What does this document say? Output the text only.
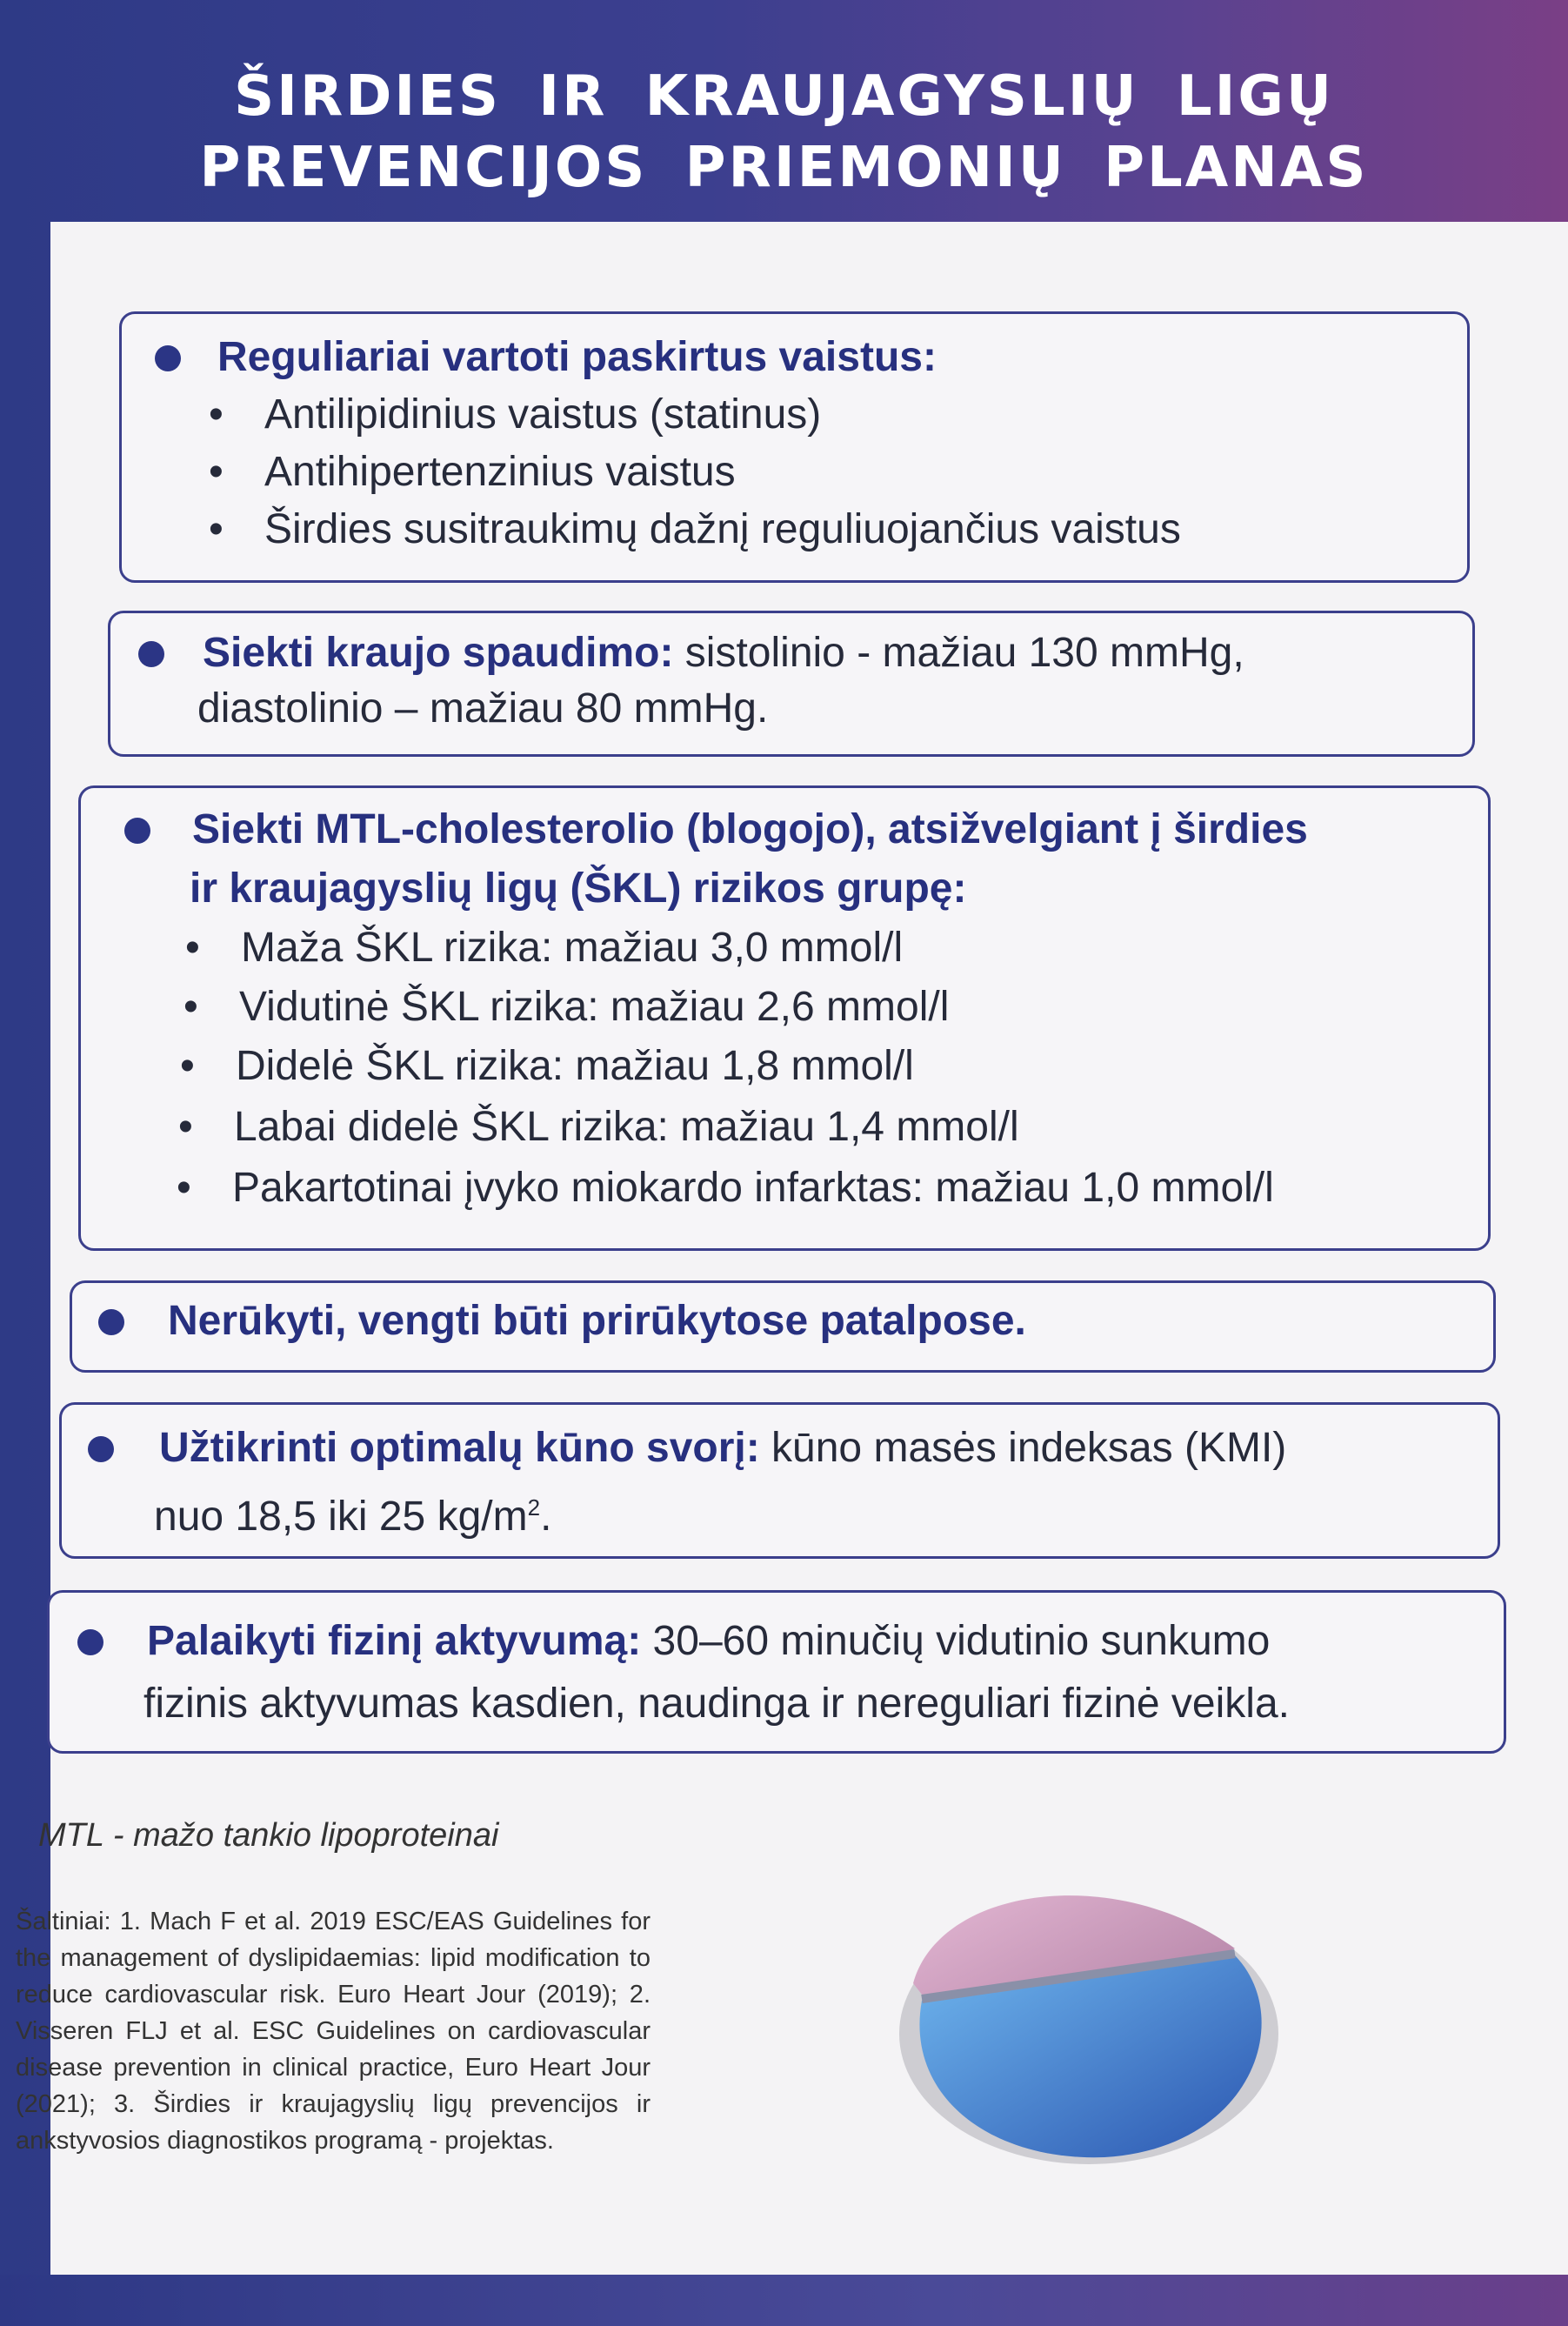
ŠIRDIES IR KRAUJAGYSLIŲ LIGŲ
PREVENCIJOS PRIEMONIŲ PLANAS
Reguliariai vartoti paskirtus vaistus:
• Antilipidinius vaistus (statinus)
• Antihipertenzinius vaistus
• Širdies susitraukimų dažnį reguliuojančius vaistus
Siekti kraujo spaudimo: sistolinio - mažiau 130 mmHg,
diastolinio – mažiau 80 mmHg.
Siekti MTL-cholesterolio (blogojo), atsižvelgiant į širdies
ir kraujagyslių ligų (ŠKL) rizikos grupę:
• Maža ŠKL rizika: mažiau 3,0 mmol/l
• Vidutinė ŠKL rizika: mažiau 2,6 mmol/l
• Didelė ŠKL rizika: mažiau 1,8 mmol/l
• Labai didelė ŠKL rizika: mažiau 1,4 mmol/l
• Pakartotinai įvyko miokardo infarktas: mažiau 1,0 mmol/l
Nerūkyti, vengti būti prirūkytose patalpose.
Užtikrinti optimalų kūno svorį: kūno masės indeksas (KMI)
nuo 18,5 iki 25 $kg/m^2$.
Palaikyti fizinį aktyvumą: 30–60 minučių vidutinio sunkumo
fizinis aktyvumas kasdien, naudinga ir nereguliari fizinė veikla.
MTL - mažo tankio lipoproteinai
Šaltiniai: 1. Mach F et al. 2019 ESC/EAS Guidelines for the management of dyslipidaemias: lipid modification to reduce cardiovascular risk. Euro Heart Jour (2019); 2. Visseren FLJ et al. ESC Guidelines on cardiovascular disease prevention in clinical practice, Euro Heart Jour (2021); 3. Širdies ir kraujagyslių ligų prevencijos ir ankstyvosios diagnostikos programą - projektas.
